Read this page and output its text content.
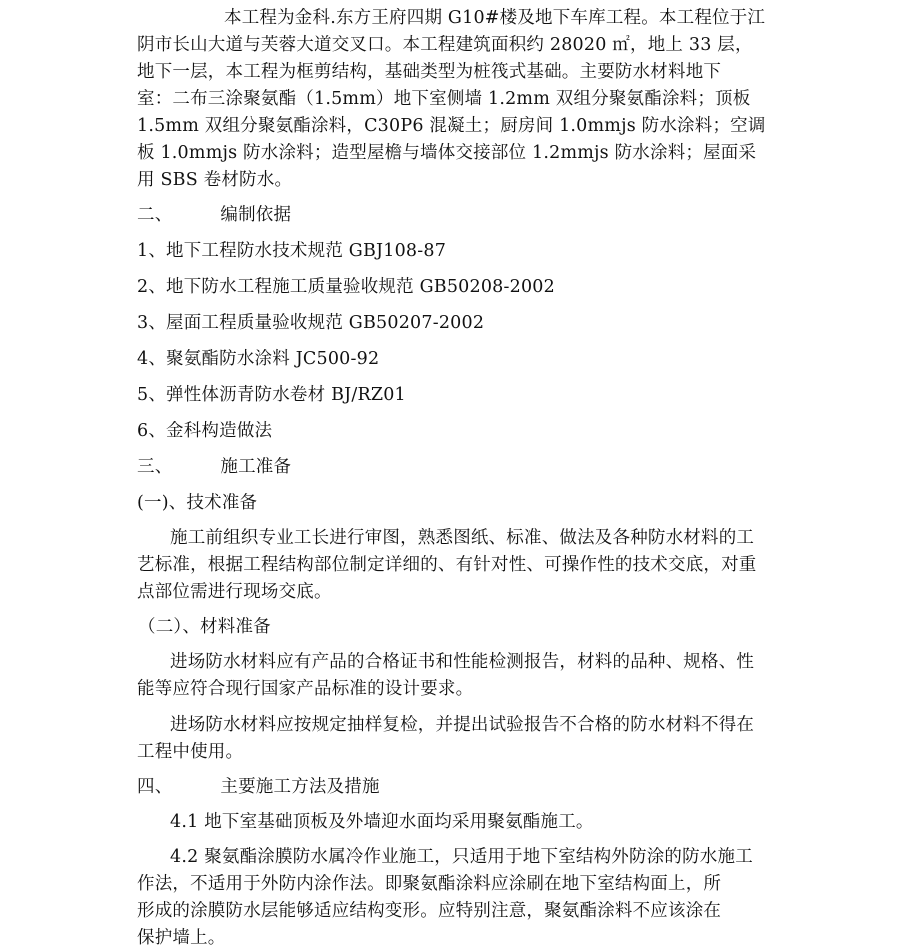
本工程为金科.东方王府四期 G10#楼及地下车库工程。本工程位于江
阴市长山大道与芙蓉大道交叉口。本工程建筑面积约 28020 ㎡，地上 33 层，
地下一层，本工程为框剪结构，基础类型为桩筏式基础。主要防水材料地下
室：二布三涂聚氨酯（1.5mm）地下室侧墙 1.2mm 双组分聚氨酯涂料；顶板
1.5mm 双组分聚氨酯涂料，C30P6 混凝土；厨房间 1.0mmjs 防水涂料；空调
板 1.0mmjs 防水涂料；造型屋檐与墙体交接部位 1.2mmjs 防水涂料；屋面采
用 SBS 卷材防水。
二、	编制依据
1、地下工程防水技术规范 GBJ108-87
2、地下防水工程施工质量验收规范 GB50208-2002
3、屋面工程质量验收规范 GB50207-2002
4、聚氨酯防水涂料 JC500-92
5、弹性体沥青防水卷材 BJ/RZ01
6、金科构造做法
三、	施工准备
(一)、技术准备
施工前组织专业工长进行审图，熟悉图纸、标准、做法及各种防水材料的工
艺标准，根据工程结构部位制定详细的、有针对性、可操作性的技术交底，对重
点部位需进行现场交底。
（二）、材料准备
进场防水材料应有产品的合格证书和性能检测报告，材料的品种、规格、性
能等应符合现行国家产品标准的设计要求。
进场防水材料应按规定抽样复检，并提出试验报告不合格的防水材料不得在
工程中使用。
四、	主要施工方法及措施
4.1 地下室基础顶板及外墙迎水面均采用聚氨酯施工。
4.2 聚氨酯涂膜防水属冷作业施工，只适用于地下室结构外防涂的防水施工
作法，不适用于外防内涂作法。即聚氨酯涂料应涂刷在地下室结构面上，所
形成的涂膜防水层能够适应结构变形。应特别注意，聚氨酯涂料不应该涂在
保护墙上。
